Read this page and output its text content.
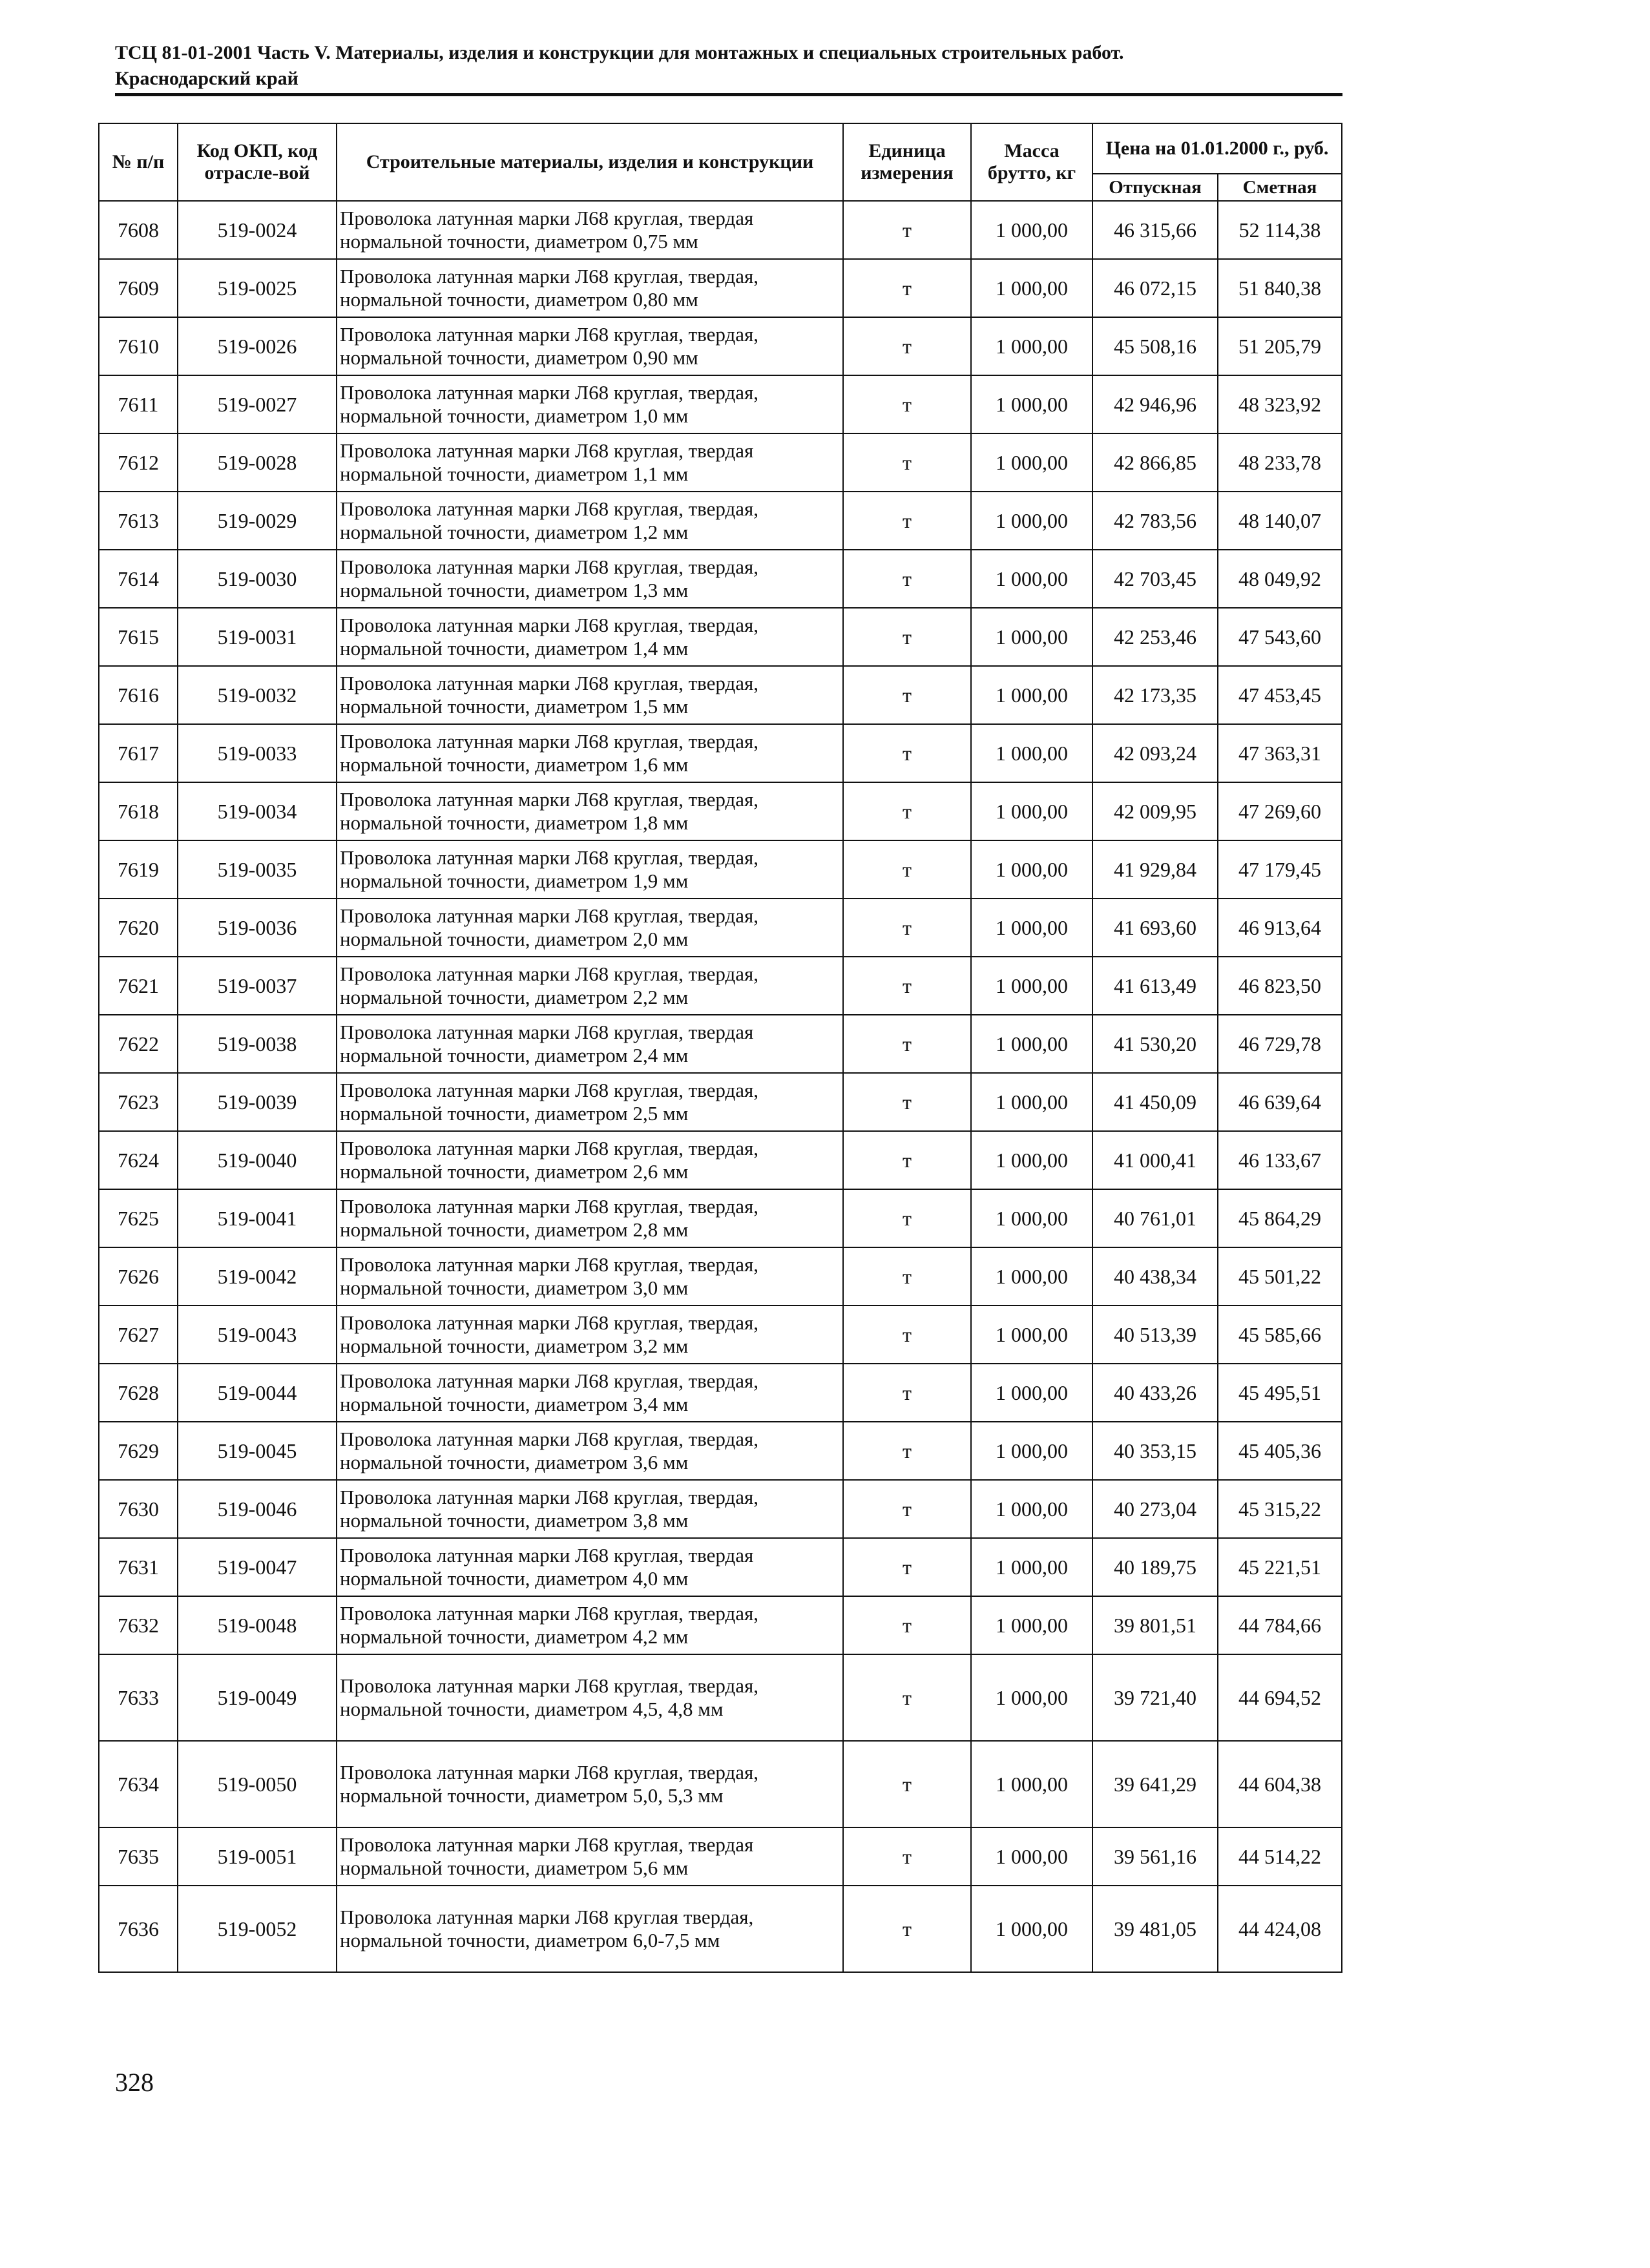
ТСЦ 81-01-2001 Часть V. Материалы, изделия и конструкции для монтажных и специальных строительных работ.
Краснодарский край
№ п/п	Код ОКП, код отрасле-вой	Строительные материалы, изделия и конструкции	Единица измерения	Масса брутто, кг	Цена на 01.01.2000 г., руб.	
					Отпускная	Сметная
7608	519-0024	Проволока латунная марки Л68 круглая, твердая нормальной точности, диаметром 0,75 мм	т	1 000,00	46 315,66	52 114,38
7609	519-0025	Проволока латунная марки Л68 круглая, твердая, нормальной точности, диаметром 0,80 мм	т	1 000,00	46 072,15	51 840,38
7610	519-0026	Проволока латунная марки Л68 круглая, твердая, нормальной точности, диаметром 0,90 мм	т	1 000,00	45 508,16	51 205,79
7611	519-0027	Проволока латунная марки Л68 круглая, твердая, нормальной точности, диаметром 1,0 мм	т	1 000,00	42 946,96	48 323,92
7612	519-0028	Проволока латунная марки Л68 круглая, твердая нормальной точности, диаметром 1,1 мм	т	1 000,00	42 866,85	48 233,78
7613	519-0029	Проволока латунная марки Л68 круглая, твердая, нормальной точности, диаметром 1,2 мм	т	1 000,00	42 783,56	48 140,07
7614	519-0030	Проволока латунная марки Л68 круглая, твердая, нормальной точности, диаметром 1,3 мм	т	1 000,00	42 703,45	48 049,92
7615	519-0031	Проволока латунная марки Л68 круглая, твердая, нормальной точности, диаметром 1,4 мм	т	1 000,00	42 253,46	47 543,60
7616	519-0032	Проволока латунная марки Л68 круглая, твердая, нормальной точности, диаметром 1,5 мм	т	1 000,00	42 173,35	47 453,45
7617	519-0033	Проволока латунная марки Л68 круглая, твердая, нормальной точности, диаметром 1,6 мм	т	1 000,00	42 093,24	47 363,31
7618	519-0034	Проволока латунная марки Л68 круглая, твердая, нормальной точности, диаметром 1,8 мм	т	1 000,00	42 009,95	47 269,60
7619	519-0035	Проволока латунная марки Л68 круглая, твердая, нормальной точности, диаметром 1,9 мм	т	1 000,00	41 929,84	47 179,45
7620	519-0036	Проволока латунная марки Л68 круглая, твердая, нормальной точности, диаметром 2,0 мм	т	1 000,00	41 693,60	46 913,64
7621	519-0037	Проволока латунная марки Л68 круглая, твердая, нормальной точности, диаметром 2,2 мм	т	1 000,00	41 613,49	46 823,50
7622	519-0038	Проволока латунная марки Л68 круглая, твердая нормальной точности, диаметром 2,4 мм	т	1 000,00	41 530,20	46 729,78
7623	519-0039	Проволока латунная марки Л68 круглая, твердая, нормальной точности, диаметром 2,5 мм	т	1 000,00	41 450,09	46 639,64
7624	519-0040	Проволока латунная марки Л68 круглая, твердая, нормальной точности, диаметром 2,6 мм	т	1 000,00	41 000,41	46 133,67
7625	519-0041	Проволока латунная марки Л68 круглая, твердая, нормальной точности, диаметром 2,8 мм	т	1 000,00	40 761,01	45 864,29
7626	519-0042	Проволока латунная марки Л68 круглая, твердая, нормальной точности, диаметром 3,0 мм	т	1 000,00	40 438,34	45 501,22
7627	519-0043	Проволока латунная марки Л68 круглая, твердая, нормальной точности, диаметром 3,2 мм	т	1 000,00	40 513,39	45 585,66
7628	519-0044	Проволока латунная марки Л68 круглая, твердая, нормальной точности, диаметром 3,4 мм	т	1 000,00	40 433,26	45 495,51
7629	519-0045	Проволока латунная марки Л68 круглая, твердая, нормальной точности, диаметром 3,6 мм	т	1 000,00	40 353,15	45 405,36
7630	519-0046	Проволока латунная марки Л68 круглая, твердая, нормальной точности, диаметром 3,8 мм	т	1 000,00	40 273,04	45 315,22
7631	519-0047	Проволока латунная марки Л68 круглая, твердая нормальной точности, диаметром 4,0 мм	т	1 000,00	40 189,75	45 221,51
7632	519-0048	Проволока латунная марки Л68 круглая, твердая, нормальной точности, диаметром 4,2 мм	т	1 000,00	39 801,51	44 784,66
7633	519-0049	Проволока латунная марки Л68 круглая, твердая, нормальной точности, диаметром 4,5, 4,8 мм	т	1 000,00	39 721,40	44 694,52
7634	519-0050	Проволока латунная марки Л68 круглая, твердая, нормальной точности, диаметром 5,0, 5,3 мм	т	1 000,00	39 641,29	44 604,38
7635	519-0051	Проволока латунная марки Л68 круглая, твердая нормальной точности, диаметром 5,6 мм	т	1 000,00	39 561,16	44 514,22
7636	519-0052	Проволока латунная марки Л68 круглая твердая, нормальной точности, диаметром 6,0-7,5 мм	т	1 000,00	39 481,05	44 424,08
328
